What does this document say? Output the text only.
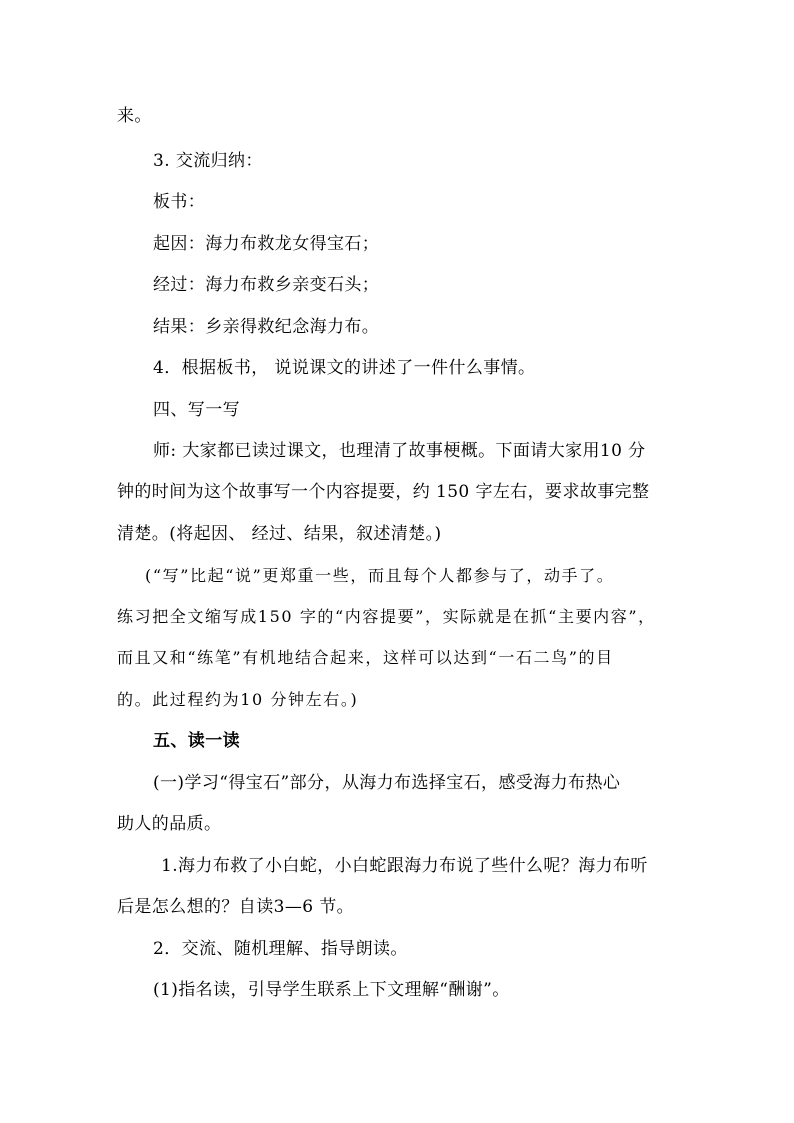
来。
3. 交流归纳：
板书：
起因：海力布救龙女得宝石；
经过：海力布救乡亲变石头；
结果：乡亲得救纪念海力布。
4．根据板书， 说说课文的讲述了一件什么事情。
四、写一写
师: 大家都已读过课文，也理清了故事梗概。下面请大家用10 分
钟的时间为这个故事写一个内容提要，约 150 字左右，要求故事完整
清楚。(将起因、 经过、结果，叙述清楚。)
(“写”比起“说”更郑重一些，而且每个人都参与了，动手了。
练习把全文缩写成150 字的“内容提要”，实际就是在抓“主要内容”，
而且又和“练笔”有机地结合起来，这样可以达到“一石二鸟”的目
的。此过程约为10 分钟左右。)
五、读一读
(一)学习“得宝石”部分，从海力布选择宝石，感受海力布热心
助人的品质。
1.海力布救了小白蛇，小白蛇跟海力布说了些什么呢？海力布听
后是怎么想的？自读3—6 节。
2．交流、随机理解、指导朗读。
(1)指名读，引导学生联系上下文理解“酬谢”。
